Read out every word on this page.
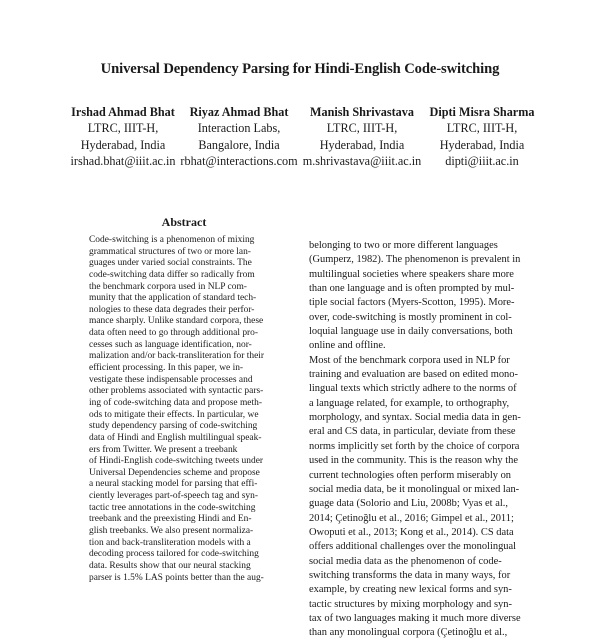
Universal Dependency Parsing for Hindi-English Code-switching
Irshad Ahmad Bhat
LTRC, IIIT-H,
Hyderabad, India
irshad.bhat@iiit.ac.in
Riyaz Ahmad Bhat
Interaction Labs,
Bangalore, India
rbhat@interactions.com
Manish Shrivastava
LTRC, IIIT-H,
Hyderabad, India
m.shrivastava@iiit.ac.in
Dipti Misra Sharma
LTRC, IIIT-H,
Hyderabad, India
dipti@iiit.ac.in
Abstract
Code-switching is a phenomenon of mixing
grammatical structures of two or more lan-
guages under varied social constraints. The
code-switching data differ so radically from
the benchmark corpora used in NLP com-
munity that the application of standard tech-
nologies to these data degrades their perfor-
mance sharply. Unlike standard corpora, these
data often need to go through additional pro-
cesses such as language identification, nor-
malization and/or back-transliteration for their
efficient processing. In this paper, we in-
vestigate these indispensable processes and
other problems associated with syntactic pars-
ing of code-switching data and propose meth-
ods to mitigate their effects. In particular, we
study dependency parsing of code-switching
data of Hindi and English multilingual speak-
ers from Twitter. We present a treebank
of Hindi-English code-switching tweets under
Universal Dependencies scheme and propose
a neural stacking model for parsing that effi-
ciently leverages part-of-speech tag and syn-
tactic tree annotations in the code-switching
treebank and the preexisting Hindi and En-
glish treebanks. We also present normaliza-
tion and back-transliteration models with a
decoding process tailored for code-switching
data. Results show that our neural stacking
parser is 1.5% LAS points better than the aug-
belonging to two or more different languages
(Gumperz, 1982). The phenomenon is prevalent in
multilingual societies where speakers share more
than one language and is often prompted by mul-
tiple social factors (Myers-Scotton, 1995). More-
over, code-switching is mostly prominent in col-
loquial language use in daily conversations, both
online and offline.
Most of the benchmark corpora used in NLP for
training and evaluation are based on edited mono-
lingual texts which strictly adhere to the norms of
a language related, for example, to orthography,
morphology, and syntax. Social media data in gen-
eral and CS data, in particular, deviate from these
norms implicitly set forth by the choice of corpora
used in the community. This is the reason why the
current technologies often perform miserably on
social media data, be it monolingual or mixed lan-
guage data (Solorio and Liu, 2008b; Vyas et al.,
2014; Çetinoğlu et al., 2016; Gimpel et al., 2011;
Owoputi et al., 2013; Kong et al., 2014). CS data
offers additional challenges over the monolingual
social media data as the phenomenon of code-
switching transforms the data in many ways, for
example, by creating new lexical forms and syn-
tactic structures by mixing morphology and syn-
tax of two languages making it much more diverse
than any monolingual corpora (Çetinoğlu et al.,
